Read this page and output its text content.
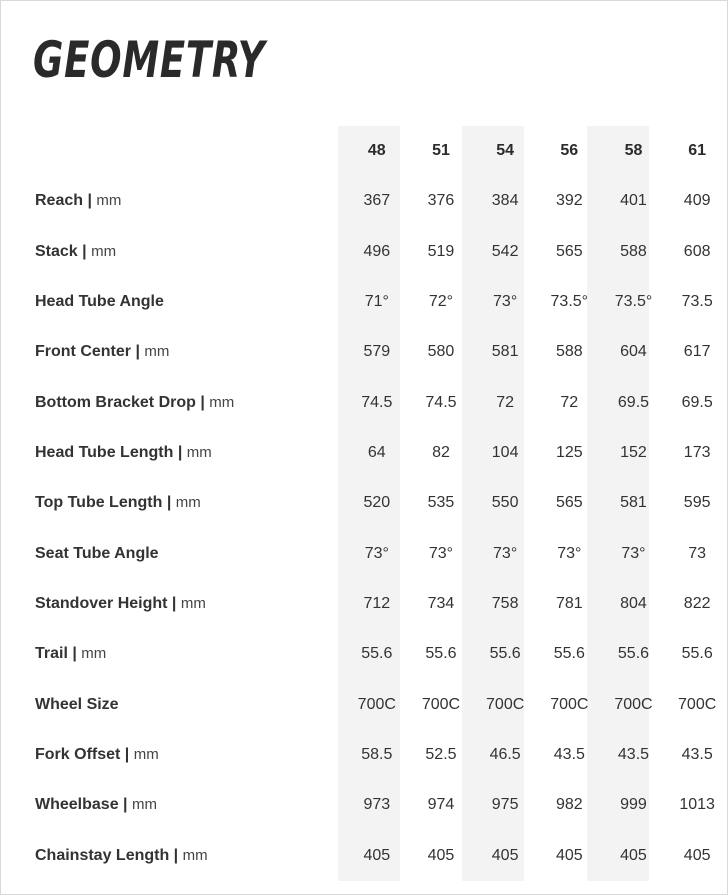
GEOMETRY
	48	51	54	56	58	61
Reach | mm	367	376	384	392	401	409
Stack | mm	496	519	542	565	588	608
Head Tube Angle	71°	72°	73°	73.5°	73.5°	73.5
Front Center | mm	579	580	581	588	604	617
Bottom Bracket Drop | mm	74.5	74.5	72	72	69.5	69.5
Head Tube Length | mm	64	82	104	125	152	173
Top Tube Length | mm	520	535	550	565	581	595
Seat Tube Angle	73°	73°	73°	73°	73°	73
Standover Height | mm	712	734	758	781	804	822
Trail | mm	55.6	55.6	55.6	55.6	55.6	55.6
Wheel Size	700C	700C	700C	700C	700C	700C
Fork Offset | mm	58.5	52.5	46.5	43.5	43.5	43.5
Wheelbase | mm	973	974	975	982	999	1013
Chainstay Length | mm	405	405	405	405	405	405
